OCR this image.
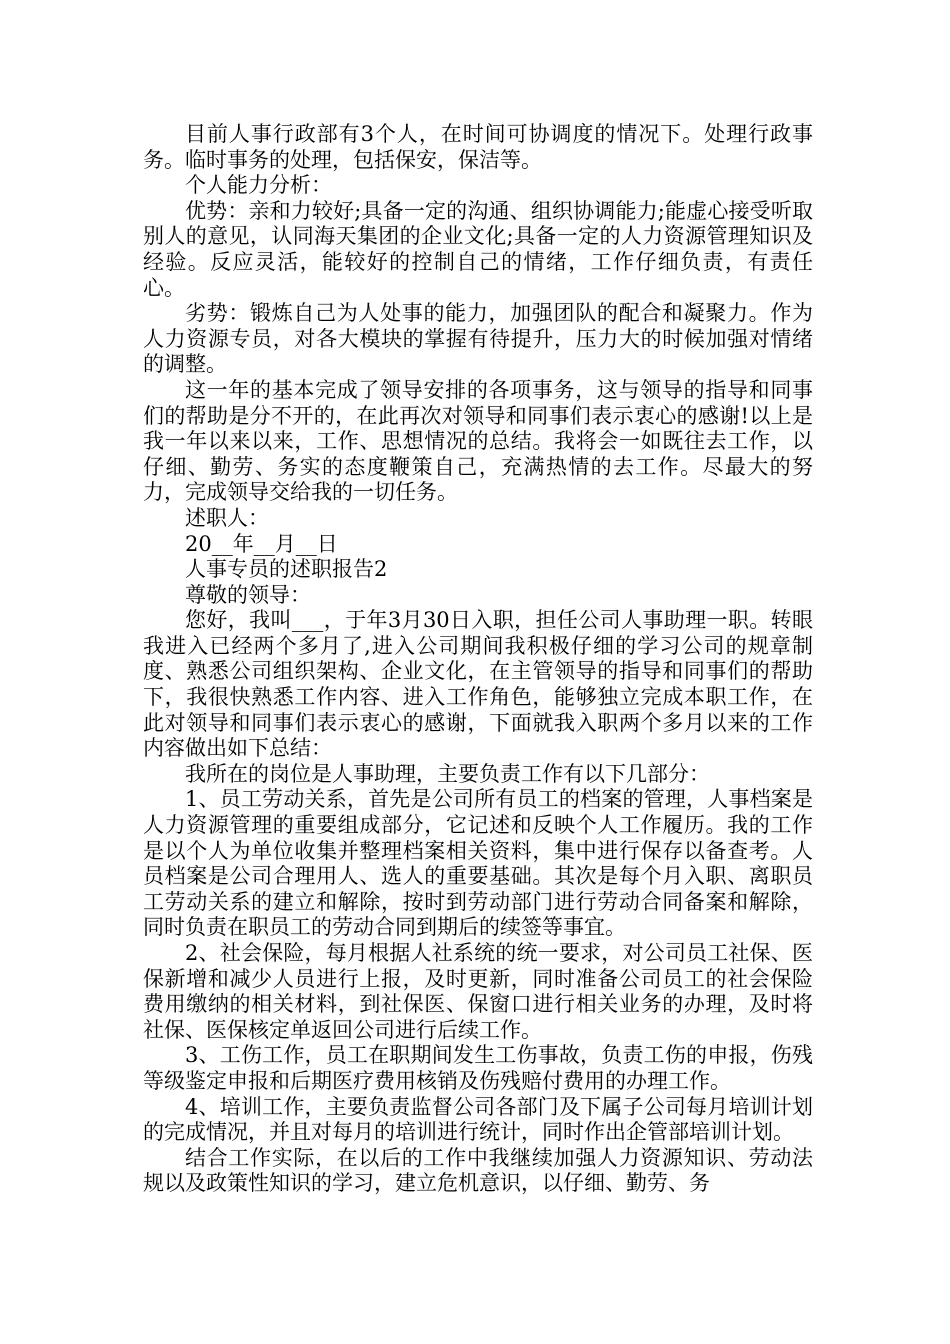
目前人事行政部有3个人，在时间可协调度的情况下。处理行政事务。临时事务的处理，包括保安，保洁等。

个人能力分析：

优势：亲和力较好;具备一定的沟通、组织协调能力;能虚心接受听取别人的意见，认同海天集团的企业文化;具备一定的人力资源管理知识及经验。反应灵活，能较好的控制自己的情绪，工作仔细负责，有责任心。

劣势：锻炼自己为人处事的能力，加强团队的配合和凝聚力。作为人力资源专员，对各大模块的掌握有待提升，压力大的时候加强对情绪的调整。

这一年的基本完成了领导安排的各项事务，这与领导的指导和同事们的帮助是分不开的，在此再次对领导和同事们表示衷心的感谢!以上是我一年以来以来，工作、思想情况的总结。我将会一如既往去工作，以仔细、勤劳、务实的态度鞭策自己，充满热情的去工作。尽最大的努力，完成领导交给我的一切任务。

述职人：

20__年__月__日

人事专员的述职报告2

尊敬的领导：

您好，我叫___，于年3月30日入职，担任公司人事助理一职。转眼我进入已经两个多月了,进入公司期间我积极仔细的学习公司的规章制度、熟悉公司组织架构、企业文化，在主管领导的指导和同事们的帮助下，我很快熟悉工作内容、进入工作角色，能够独立完成本职工作，在此对领导和同事们表示衷心的感谢，下面就我入职两个多月以来的工作内容做出如下总结：

我所在的岗位是人事助理，主要负责工作有以下几部分：

1、员工劳动关系，首先是公司所有员工的档案的管理，人事档案是人力资源管理的重要组成部分，它记述和反映个人工作履历。我的工作是以个人为单位收集并整理档案相关资料，集中进行保存以备查考。人员档案是公司合理用人、选人的重要基础。其次是每个月入职、离职员工劳动关系的建立和解除，按时到劳动部门进行劳动合同备案和解除，同时负责在职员工的劳动合同到期后的续签等事宜。

2、社会保险，每月根据人社系统的统一要求，对公司员工社保、医保新增和减少人员进行上报，及时更新，同时准备公司员工的社会保险费用缴纳的相关材料，到社保医、保窗口进行相关业务的办理，及时将社保、医保核定单返回公司进行后续工作。

3、工伤工作，员工在职期间发生工伤事故，负责工伤的申报，伤残等级鉴定申报和后期医疗费用核销及伤残赔付费用的办理工作。

4、培训工作，主要负责监督公司各部门及下属子公司每月培训计划的完成情况，并且对每月的培训进行统计，同时作出企管部培训计划。

结合工作实际，在以后的工作中我继续加强人力资源知识、劳动法规以及政策性知识的学习，建立危机意识，以仔细、勤劳、务
